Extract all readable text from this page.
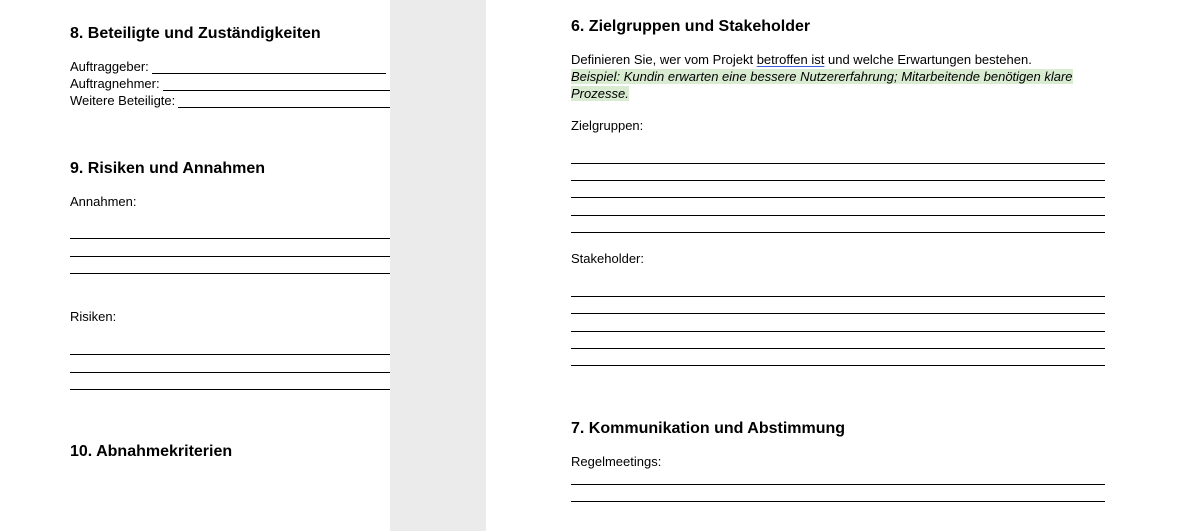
8. Beteiligte und Zuständigkeiten
Auftraggeber:
Auftragnehmer:
Weitere Beteiligte:
9. Risiken und Annahmen
Annahmen:
Risiken:
10. Abnahmekriterien
6. Zielgruppen und Stakeholder
Definieren Sie, wer vom Projekt betroffen ist und welche Erwartungen bestehen.
Beispiel: Kundin erwarten eine bessere Nutzererfahrung; Mitarbeitende benötigen klare Prozesse.
Zielgruppen:
Stakeholder:
7. Kommunikation und Abstimmung
Regelmeetings:
